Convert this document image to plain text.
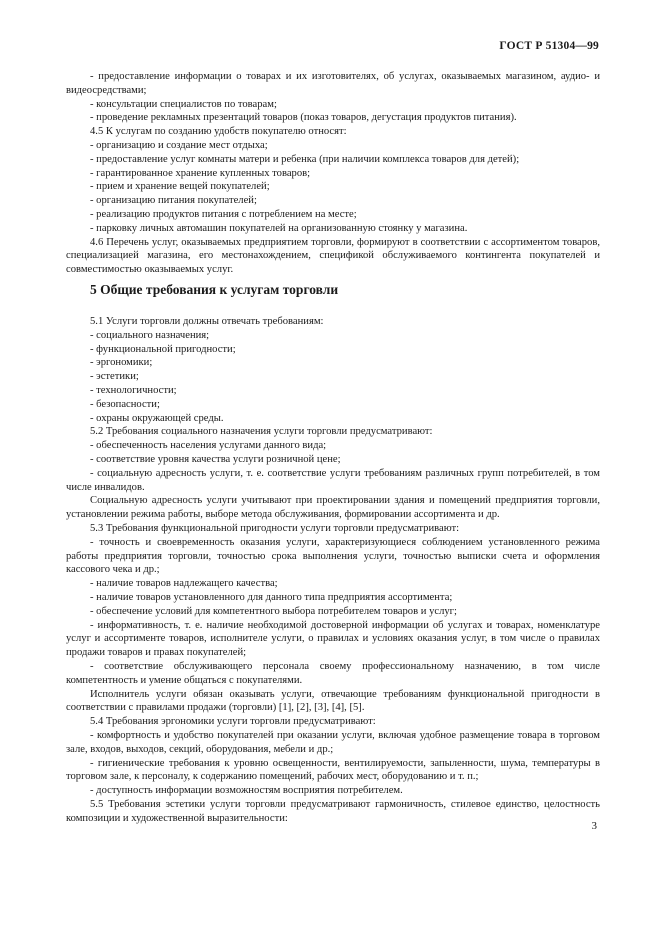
ГОСТ Р 51304—99

- предоставление информации о товарах и их изготовителях, об услугах, оказываемых магазином, аудио- и видеосредствами;

- консультации специалистов по товарам;

- проведение рекламных презентаций товаров (показ товаров, дегустация продуктов питания).

4.5 К услугам по созданию удобств покупателю относят:

- организацию и создание мест отдыха;

- предоставление услуг комнаты матери и ребенка (при наличии комплекса товаров для детей);

- гарантированное хранение купленных товаров;

- прием и хранение вещей покупателей;

- организацию питания покупателей;

- реализацию продуктов питания с потреблением на месте;

- парковку личных автомашин покупателей на организованную стоянку у магазина.

4.6 Перечень услуг, оказываемых предприятием торговли, формируют в соответствии с ассортиментом товаров, специализацией магазина, его местонахождением, спецификой обслуживаемого контингента покупателей и совместимостью оказываемых услуг.

5 Общие требования к услугам торговли

5.1 Услуги торговли должны отвечать требованиям:

- социального назначения;

- функциональной пригодности;

- эргономики;

- эстетики;

- технологичности;

- безопасности;

- охраны окружающей среды.

5.2 Требования социального назначения услуги торговли предусматривают:

- обеспеченность населения услугами данного вида;

- соответствие уровня качества услуги розничной цене;

- социальную адресность услуги, т. е. соответствие услуги требованиям различных групп потребителей, в том числе инвалидов.

Социальную адресность услуги учитывают при проектировании здания и помещений предприятия торговли, установлении режима работы, выборе метода обслуживания, формировании ассортимента и др.

5.3 Требования функциональной пригодности услуги торговли предусматривают:

- точность и своевременность оказания услуги, характеризующиеся соблюдением установленного режима работы предприятия торговли, точностью срока выполнения услуги, точностью выписки счета и оформления кассового чека и др.;

- наличие товаров надлежащего качества;

- наличие товаров установленного для данного типа предприятия ассортимента;

- обеспечение условий для компетентного выбора потребителем товаров и услуг;

- информативность, т. е. наличие необходимой достоверной информации об услугах и товарах, номенклатуре услуг и ассортименте товаров, исполнителе услуги, о правилах и условиях оказания услуг, в том числе о правилах продажи товаров и правах покупателей;

- соответствие обслуживающего персонала своему профессиональному назначению, в том числе компетентность и умение общаться с покупателями.

Исполнитель услуги обязан оказывать услуги, отвечающие требованиям функциональной пригодности в соответствии с правилами продажи (торговли) [1], [2], [3], [4], [5].

5.4 Требования эргономики услуги торговли предусматривают:

- комфортность и удобство покупателей при оказании услуги, включая удобное размещение товара в торговом зале, входов, выходов, секций, оборудования, мебели и др.;

- гигиенические требования к уровню освещенности, вентилируемости, запыленности, шума, температуры в торговом зале, к персоналу, к содержанию помещений, рабочих мест, оборудованию и т. п.;

- доступность информации возможностям восприятия потребителем.

5.5 Требования эстетики услуги торговли предусматривают гармоничность, стилевое единство, целостность композиции и художественной выразительности:

3
